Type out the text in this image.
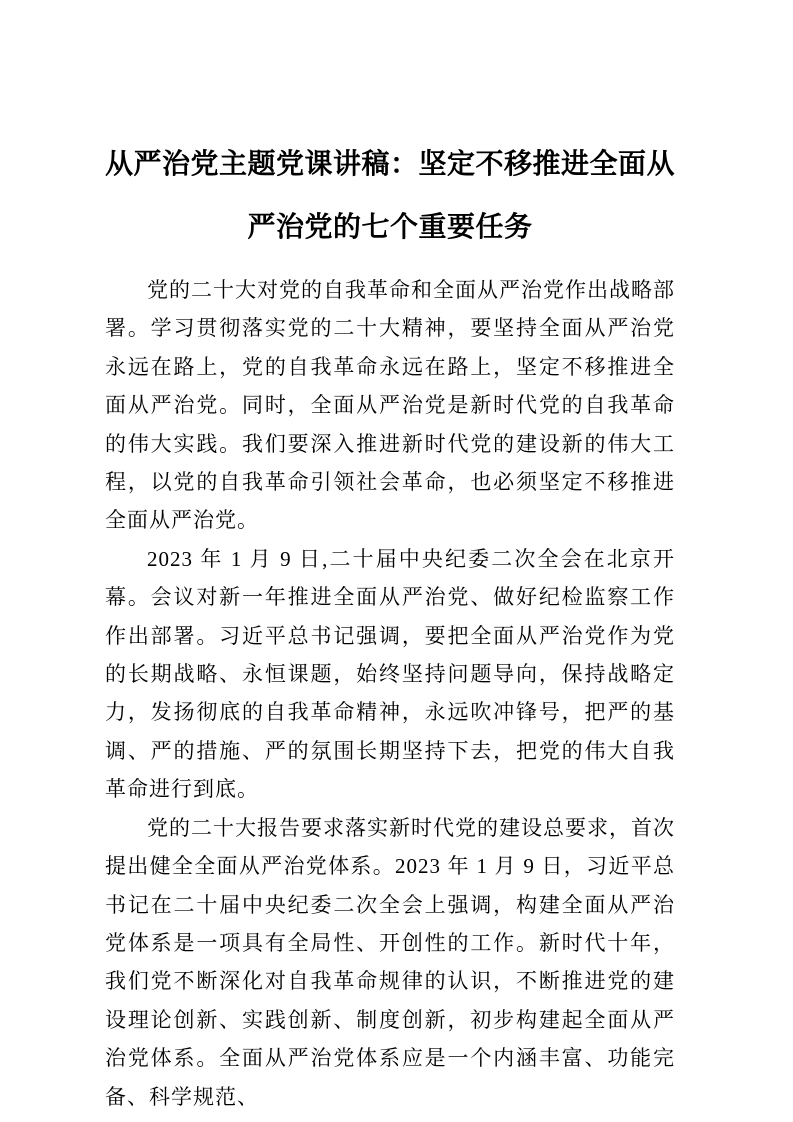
从严治党主题党课讲稿：坚定不移推进全面从严治党的七个重要任务

党的二十大对党的自我革命和全面从严治党作出战略部署。学习贯彻落实党的二十大精神，要坚持全面从严治党永远在路上，党的自我革命永远在路上，坚定不移推进全面从严治党。同时，全面从严治党是新时代党的自我革命的伟大实践。我们要深入推进新时代党的建设新的伟大工程，以党的自我革命引领社会革命，也必须坚定不移推进全面从严治党。

2023 年 1 月 9 日,二十届中央纪委二次全会在北京开幕。会议对新一年推进全面从严治党、做好纪检监察工作作出部署。习近平总书记强调，要把全面从严治党作为党的长期战略、永恒课题，始终坚持问题导向，保持战略定力，发扬彻底的自我革命精神，永远吹冲锋号，把严的基调、严的措施、严的氛围长期坚持下去，把党的伟大自我革命进行到底。

党的二十大报告要求落实新时代党的建设总要求，首次提出健全全面从严治党体系。2023 年 1 月 9 日，习近平总书记在二十届中央纪委二次全会上强调，构建全面从严治党体系是一项具有全局性、开创性的工作。新时代十年，我们党不断深化对自我革命规律的认识，不断推进党的建设理论创新、实践创新、制度创新，初步构建起全面从严治党体系。全面从严治党体系应是一个内涵丰富、功能完备、科学规范、
